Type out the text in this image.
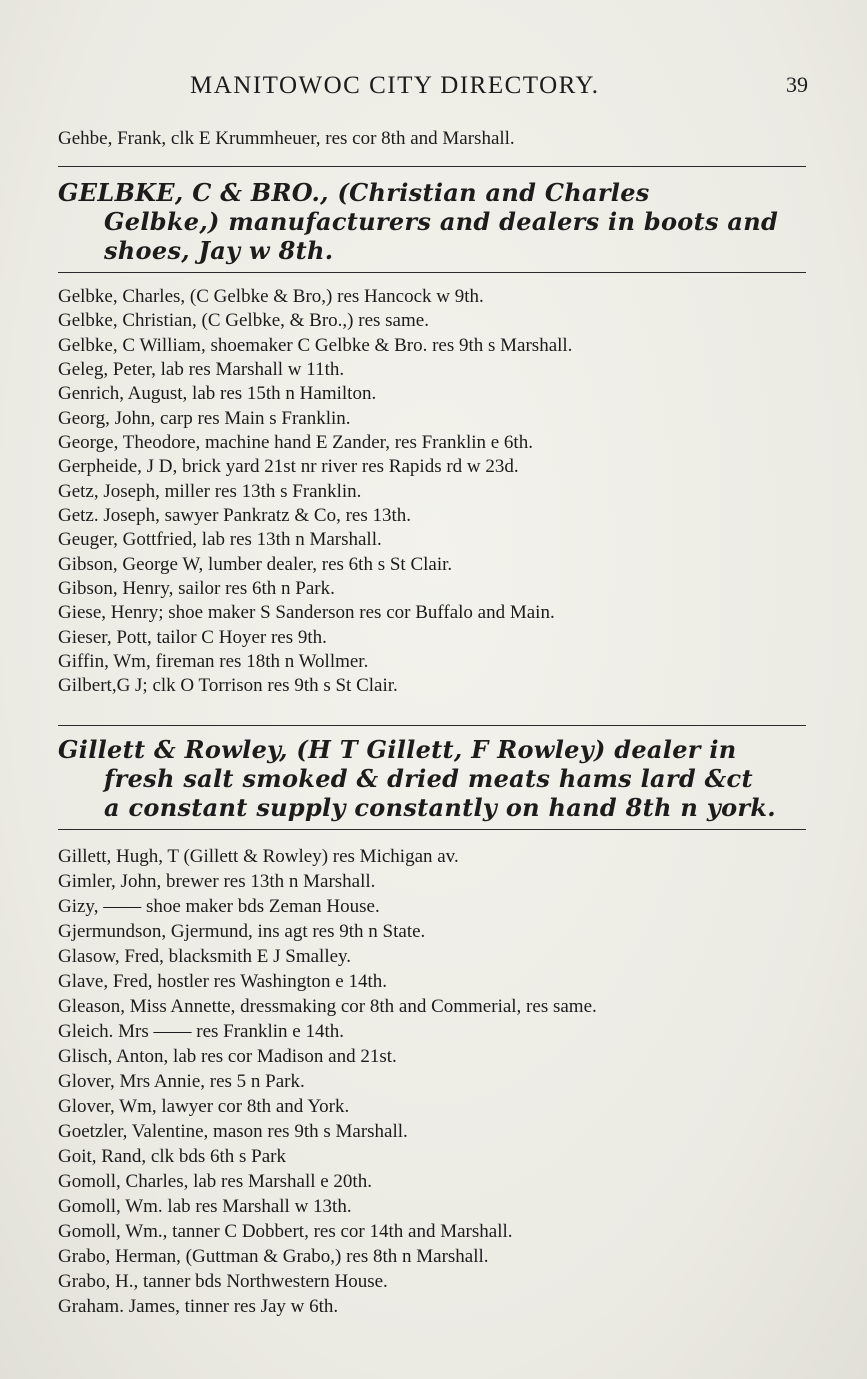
MANITOWOC CITY DIRECTORY.	39
Gehbe, Frank, clk E Krummheuer, res cor 8th and Marshall.
GELBKE, C & BRO., (Christian and Charles
Gelbke,) manufacturers and dealers in boots and
shoes, Jay w 8th.
Gelbke, Charles, (C Gelbke & Bro,) res Hancock w 9th.
Gelbke, Christian, (C Gelbke, & Bro.,) res same.
Gelbke, C William, shoemaker C Gelbke & Bro. res 9th s Marshall.
Geleg, Peter, lab res Marshall w 11th.
Genrich, August, lab res 15th n Hamilton.
Georg, John, carp res Main s Franklin.
George, Theodore, machine hand E Zander, res Franklin e 6th.
Gerpheide, J D, brick yard 21st nr river res Rapids rd w 23d.
Getz, Joseph, miller res 13th s Franklin.
Getz. Joseph, sawyer Pankratz & Co, res 13th.
Geuger, Gottfried, lab res 13th n Marshall.
Gibson, George W, lumber dealer, res 6th s St Clair.
Gibson, Henry, sailor res 6th n Park.
Giese, Henry; shoe maker S Sanderson res cor Buffalo and Main.
Gieser, Pott, tailor C Hoyer res 9th.
Giffin, Wm, fireman res 18th n Wollmer.
Gilbert,G J; clk O Torrison res 9th s St Clair.
Gillett & Rowley, (H T Gillett, F Rowley) dealer in
fresh salt smoked & dried meats hams lard &ct
a constant supply constantly on hand 8th n york.
Gillett, Hugh, T (Gillett & Rowley) res Michigan av.
Gimler, John, brewer res 13th n Marshall.
Gizy, —— shoe maker bds Zeman House.
Gjermundson, Gjermund, ins agt res 9th n State.
Glasow, Fred, blacksmith E J Smalley.
Glave, Fred, hostler res Washington e 14th.
Gleason, Miss Annette, dressmaking cor 8th and Commerial, res same.
Gleich. Mrs —— res Franklin e 14th.
Glisch, Anton, lab res cor Madison and 21st.
Glover, Mrs Annie, res 5 n Park.
Glover, Wm, lawyer cor 8th and York.
Goetzler, Valentine, mason res 9th s Marshall.
Goit, Rand, clk bds 6th s Park
Gomoll, Charles, lab res Marshall e 20th.
Gomoll, Wm. lab res Marshall w 13th.
Gomoll, Wm., tanner C Dobbert, res cor 14th and Marshall.
Grabo, Herman, (Guttman & Grabo,) res 8th n Marshall.
Grabo, H., tanner bds Northwestern House.
Graham. James, tinner res Jay w 6th.
